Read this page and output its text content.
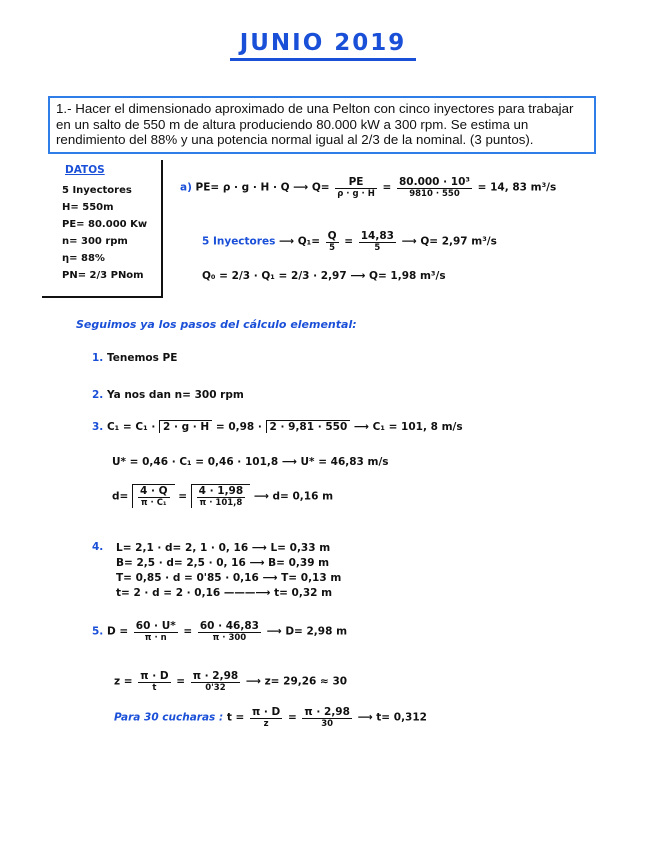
JUNIO 2019
1.- Hacer el dimensionado aproximado de una Pelton con cinco inyectores para trabajar en un salto de 550 m de altura produciendo 80.000 kW a 300 rpm. Se estima un rendimiento del 88% y una potencia normal igual al 2/3 de la nominal. (3 puntos).
DATOS
5 Inyectores
H= 550m
PE= 80.000 Kw
n= 300 rpm
η= 88%
PN= 2/3 PNom
a) PE= ρ · g · H · Q ⟶ $Q= \frac{PE}{\rho \cdot g \cdot H} = \frac{\text{80.000 · 10³}}{9810 \cdot 550} = 14$, 83 m³/s
5 Inyectores ⟶ $Q_1= \frac{Q}{5} = \frac{14,83}{5}$ ⟶ Q= 2,97 m³/s
Q₀ = 2/3 · Q₁ = 2/3 · 2,97 ⟶ Q= 1,98 m³/s
Seguimos ya los pasos del cálculo elemental:
1. Tenemos PE
2. Ya nos dan n= 300 rpm
3. C₁ = C₁ · 2 · g · H = 0,98 · 2 · 9,81 · 550 ⟶ C₁ = 101, 8 m/s
U* = 0,46 · C₁ = 0,46 · 101,8 ⟶ U* = 46,83 m/s
$d= \frac{4 \cdot Q}{\text{π · C₁}} = \frac{4 \cdot 1,98}{\pi \cdot 101,8}$ ⟶ d= 0,16 m
4. L= 2,1 · d= 2, 1 · 0, 16 ⟶ L= 0,33 m
B= 2,5 · d= 2,5 · 0, 16 ⟶ B= 0,39 m
T= 0,85 · d = 0'85 · 0,16 ⟶ T= 0,13 m
t= 2 · d = 2 · 0,16 ———⟶ t= 0,32 m
5. $D = \frac{60 \cdot U*}{\pi \cdot n} = \frac{60 \cdot 46,83}{\pi \cdot 300}$ ⟶ D= 2,98 m
$z = \frac{\pi \cdot D}{t} = \frac{\pi \cdot 2,98}{0'32}$ ⟶ z= 29,26 ≈ 30
Para 30 cucharas : $t = \frac{\pi \cdot D}{z} = \frac{\pi \cdot 2,98}{30}$ ⟶ t= 0,312
